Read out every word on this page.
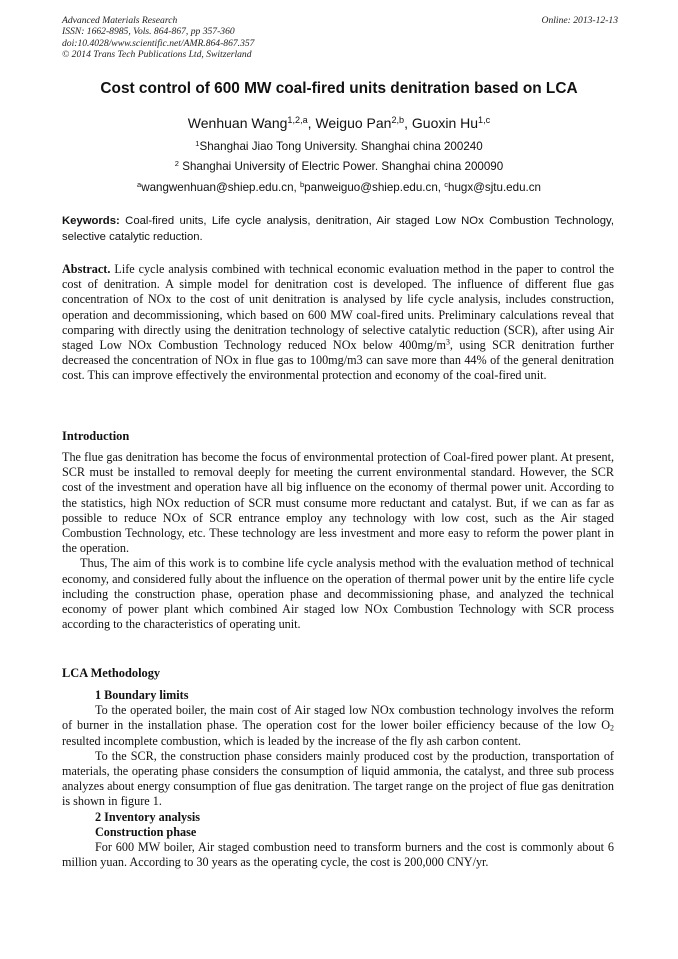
Advanced Materials Research
ISSN: 1662-8985, Vols. 864-867, pp 357-360
doi:10.4028/www.scientific.net/AMR.864-867.357
© 2014 Trans Tech Publications Ltd, Switzerland
Online: 2013-12-13
Cost control of 600 MW coal-fired units denitration based on LCA
Wenhuan Wang$^{1,2,a}$, Weiguo Pan$^{2,b}$, Guoxin Hu$^{1,c}$
$^1$Shanghai Jiao Tong University. Shanghai china 200240
$^2$ Shanghai University of Electric Power. Shanghai china 200090
$^a$wangwenhuan@shiep.edu.cn, $^b$panweiguo@shiep.edu.cn, $^c$hugx@sjtu.edu.cn
Keywords: Coal-fired units, Life cycle analysis, denitration, Air staged Low NOx Combustion Technology, selective catalytic reduction.

Abstract. Life cycle analysis combined with technical economic evaluation method in the paper to control the cost of denitration. A simple model for denitration cost is developed. The influence of different flue gas concentration of NOx to the cost of unit denitration is analysed by life cycle analysis, includes construction, operation and decommissioning, which based on 600 MW coal-fired units. Preliminary calculations reveal that comparing with directly using the denitration technology of selective catalytic reduction (SCR), after using Air staged Low NOx Combustion Technology reduced NOx below $400mg/m^3$, using SCR denitration further decreased the concentration of NOx in flue gas to 100mg/m3 can save more than 44% of the general denitration cost. This can improve effectively the environmental protection and economy of the coal-fired unit.

Introduction

The flue gas denitration has become the focus of environmental protection of Coal-fired power plant. At present, SCR must be installed to removal deeply for meeting the current environmental standard. However, the SCR cost of the investment and operation have all big influence on the economy of thermal power unit. According to the statistics, high NOx reduction of SCR must consume more reductant and catalyst. But, if we can as far as possible to reduce NOx of SCR entrance employ any technology with low cost, such as the Air staged Combustion Technology, etc. These technology are less investment and more easy to reform the power plant in the operation.

Thus, The aim of this work is to combine life cycle analysis method with the evaluation method of technical economy, and considered fully about the influence on the operation of thermal power unit by the entire life cycle including the construction phase, operation phase and decommissioning phase, and analyzed the technical economy of power plant which combined Air staged low NOx Combustion Technology with SCR process according to the characteristics of operating unit.

LCA Methodology

1 Boundary limits

To the operated boiler, the main cost of Air staged low NOx combustion technology involves the reform of burner in the installation phase. The operation cost for the lower boiler efficiency because of the low $O_2$ resulted incomplete combustion, which is leaded by the increase of the fly ash carbon content.

To the SCR, the construction phase considers mainly produced cost by the production, transportation of materials, the operating phase considers the consumption of liquid ammonia, the catalyst, and three sub process analyzes about energy consumption of flue gas denitration. The target range on the project of flue gas denitration is shown in figure 1.

2 Inventory analysis

Construction phase

For 600 MW boiler, Air staged combustion need to transform burners and the cost is commonly about 6 million yuan. According to 30 years as the operating cycle, the cost is 200,000 CNY/yr.
